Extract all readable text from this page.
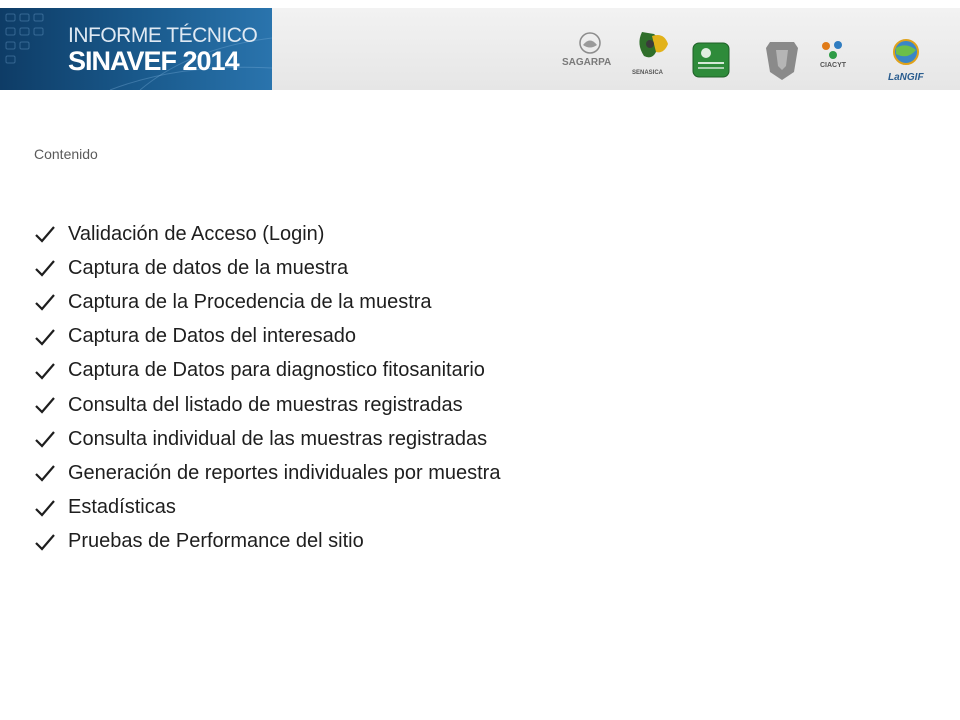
INFORME TÉCNICO
SINAVEF 2014	SAGARPA
SENASICA
CIACYT
LaNGIF
Contenido
Validación de Acceso (Login)
Captura de datos de la muestra
Captura de la Procedencia de la muestra
Captura de Datos del interesado
Captura de Datos para diagnostico fitosanitario
Consulta del listado de muestras registradas
Consulta individual de las muestras registradas
Generación de reportes individuales por muestra
Estadísticas
Pruebas de Performance del sitio
